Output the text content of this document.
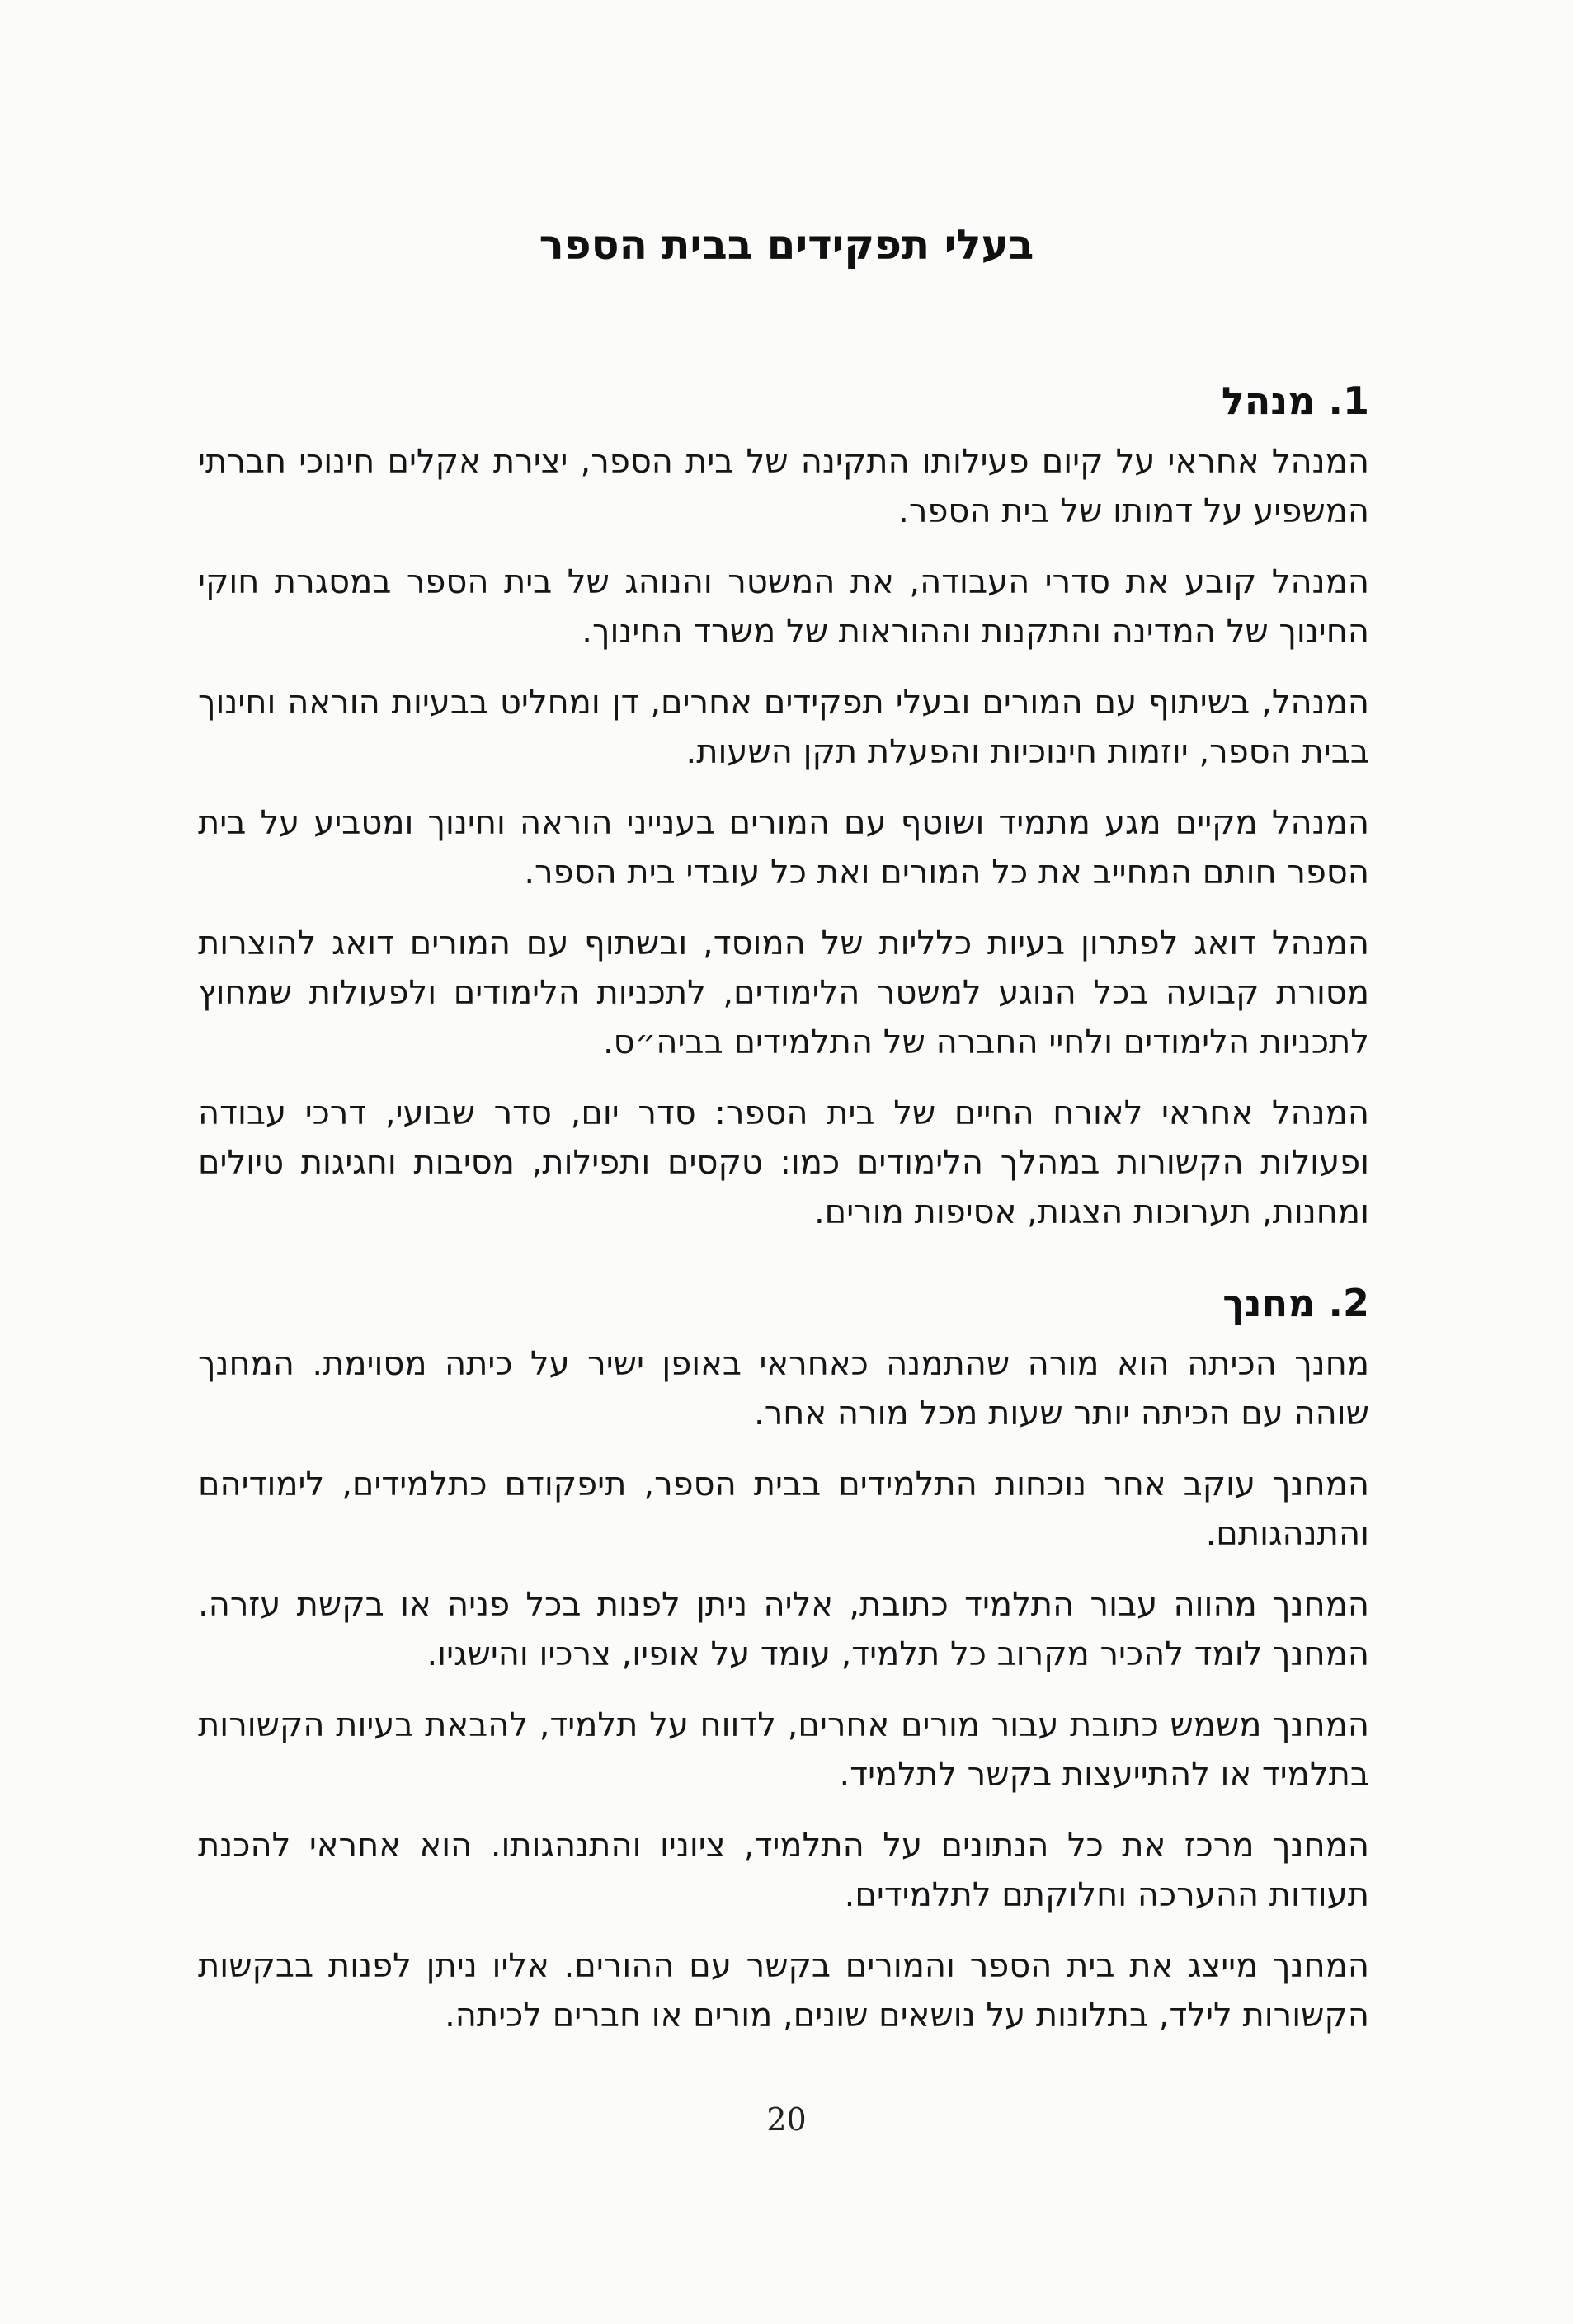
בעלי תפקידים בבית הספר
1. מנהל

המנהל אחראי על קיום פעילותו התקינה של בית הספר, יצירת אקלים חינוכי חברתי המשפיע על דמותו של בית הספר.

המנהל קובע את סדרי העבודה, את המשטר והנוהג של בית הספר במסגרת חוקי החינוך של המדינה והתקנות וההוראות של משרד החינוך.

המנהל, בשיתוף עם המורים ובעלי תפקידים אחרים, דן ומחליט בבעיות הוראה וחינוך בבית הספר, יוזמות חינוכיות והפעלת תקן השעות.

המנהל מקיים מגע מתמיד ושוטף עם המורים בענייני הוראה וחינוך ומטביע על בית הספר חותם המחייב את כל המורים ואת כל עובדי בית הספר.

המנהל דואג לפתרון בעיות כלליות של המוסד, ובשתוף עם המורים דואג להוצרות מסורת קבועה בכל הנוגע למשטר הלימודים, לתכניות הלימודים ולפעולות שמחוץ לתכניות הלימודים ולחיי החברה של התלמידים בביה״ס.

המנהל אחראי לאורח החיים של בית הספר: סדר יום, סדר שבועי, דרכי עבודה ופעולות הקשורות במהלך הלימודים כמו: טקסים ותפילות, מסיבות וחגיגות טיולים ומחנות, תערוכות הצגות, אסיפות מורים.

2. מחנך

מחנך הכיתה הוא מורה שהתמנה כאחראי באופן ישיר על כיתה מסוימת. המחנך שוהה עם הכיתה יותר שעות מכל מורה אחר.

המחנך עוקב אחר נוכחות התלמידים בבית הספר, תיפקודם כתלמידים, לימודיהם והתנהגותם.

המחנך מהווה עבור התלמיד כתובת, אליה ניתן לפנות בכל פניה או בקשת עזרה. המחנך לומד להכיר מקרוב כל תלמיד, עומד על אופיו, צרכיו והישגיו.

המחנך משמש כתובת עבור מורים אחרים, לדווח על תלמיד, להבאת בעיות הקשורות בתלמיד או להתייעצות בקשר לתלמיד.

המחנך מרכז את כל הנתונים על התלמיד, ציוניו והתנהגותו. הוא אחראי להכנת תעודות ההערכה וחלוקתם לתלמידים.

המחנך מייצג את בית הספר והמורים בקשר עם ההורים. אליו ניתן לפנות בבקשות הקשורות לילד, בתלונות על נושאים שונים, מורים או חברים לכיתה.

20
